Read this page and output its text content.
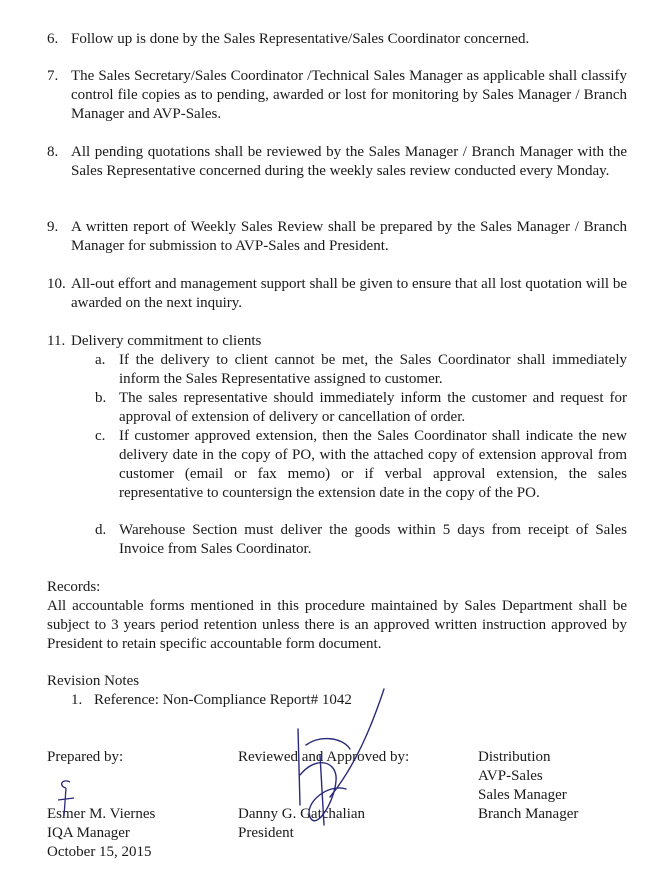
6. Follow up is done by the Sales Representative/Sales Coordinator concerned.
7. The Sales Secretary/Sales Coordinator /Technical Sales Manager as applicable shall classify control file copies as to pending, awarded or lost for monitoring by Sales Manager / Branch Manager and AVP-Sales.
8. All pending quotations shall be reviewed by the Sales Manager / Branch Manager with the Sales Representative concerned during the weekly sales review conducted every Monday.
9. A written report of Weekly Sales Review shall be prepared by the Sales Manager / Branch Manager for submission to AVP-Sales and President.
10. All-out effort and management support shall be given to ensure that all lost quotation will be awarded on the next inquiry.
11. Delivery commitment to clients
a. If the delivery to client cannot be met, the Sales Coordinator shall immediately inform the Sales Representative assigned to customer.
b. The sales representative should immediately inform the customer and request for approval of extension of delivery or cancellation of order.
c. If customer approved extension, then the Sales Coordinator shall indicate the new delivery date in the copy of PO, with the attached copy of extension approval from customer (email or fax memo) or if verbal approval extension, the sales representative to countersign the extension date in the copy of the PO.
d. Warehouse Section must deliver the goods within 5 days from receipt of Sales Invoice from Sales Coordinator.
Records:
All accountable forms mentioned in this procedure maintained by Sales Department shall be subject to 3 years period retention unless there is an approved written instruction approved by President to retain specific accountable form document.
Revision Notes
1. Reference: Non-Compliance Report# 1042
Prepared by:
Esmer M. Viernes
IQA Manager
October 15, 2015
Reviewed and Approved by:
Danny G. Gatchalian
President
Distribution
AVP-Sales
Sales Manager
Branch Manager
